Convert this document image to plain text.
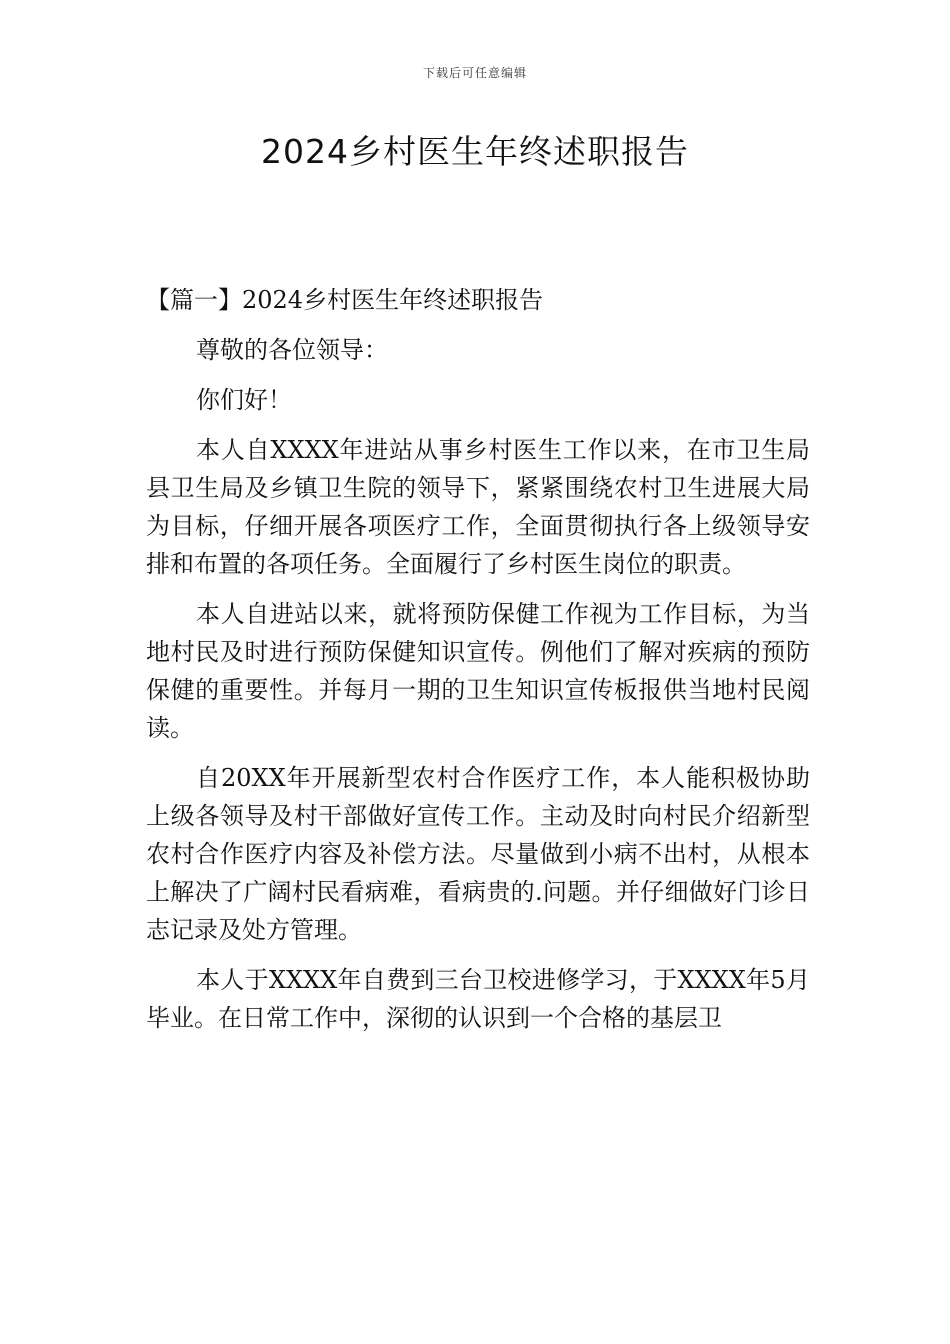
下载后可任意编辑
2024乡村医生年终述职报告

【篇一】2024乡村医生年终述职报告

尊敬的各位领导：

你们好！

本人自XXXX年进站从事乡村医生工作以来，在市卫生局县卫生局及乡镇卫生院的领导下，紧紧围绕农村卫生进展大局为目标，仔细开展各项医疗工作，全面贯彻执行各上级领导安排和布置的各项任务。全面履行了乡村医生岗位的职责。

本人自进站以来，就将预防保健工作视为工作目标，为当地村民及时进行预防保健知识宣传。例他们了解对疾病的预防保健的重要性。并每月一期的卫生知识宣传板报供当地村民阅读。

自20XX年开展新型农村合作医疗工作，本人能积极协助上级各领导及村干部做好宣传工作。主动及时向村民介绍新型农村合作医疗内容及补偿方法。尽量做到小病不出村，从根本上解决了广阔村民看病难，看病贵的.问题。并仔细做好门诊日志记录及处方管理。

本人于XXXX年自费到三台卫校进修学习，于XXXX年5月毕业。在日常工作中，深彻的认识到一个合格的基层卫
